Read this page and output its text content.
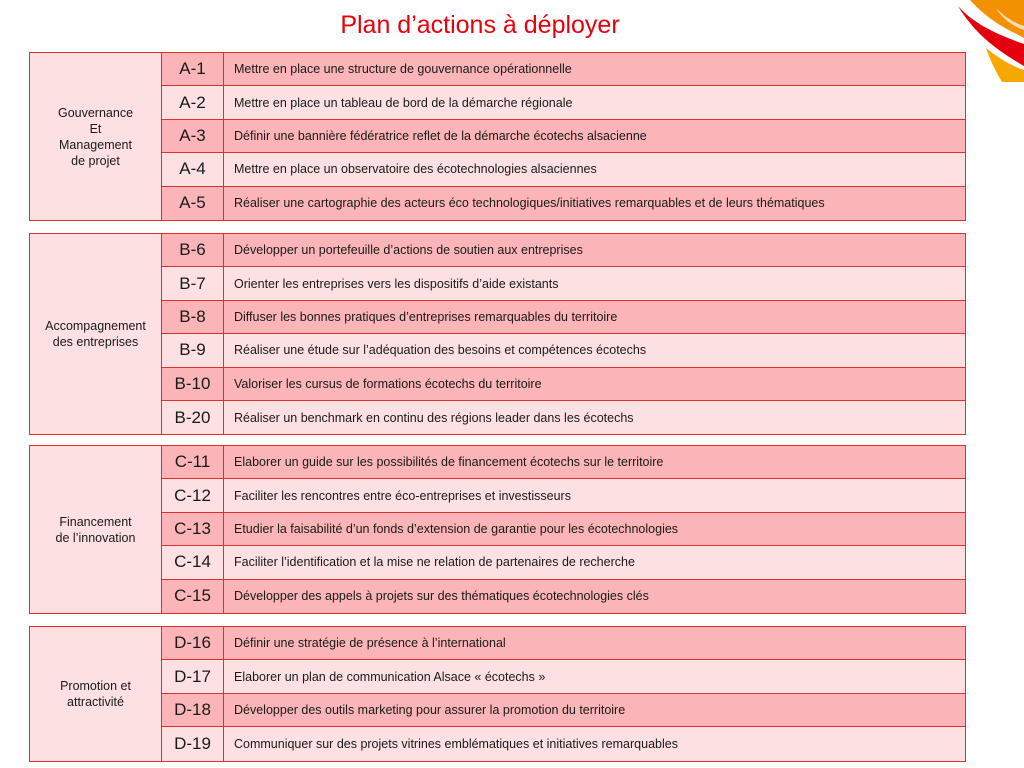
Plan d’actions à déployer
Gouvernance
Et
Management
de projet
A-1	Mettre en place une structure de gouvernance opérationnelle
A-2	Mettre en place un tableau de bord de la démarche régionale
A-3	Définir une bannière fédératrice reflet de la démarche écotechs alsacienne
A-4	Mettre en place un observatoire des écotechnologies alsaciennes
A-5	Réaliser une cartographie des acteurs éco technologiques/initiatives remarquables et de leurs thématiques
Accompagnement
des entreprises
B-6	Développer un portefeuille d’actions de soutien aux entreprises
B-7	Orienter les entreprises vers les dispositifs d’aide existants
B-8	Diffuser les bonnes pratiques d’entreprises remarquables du territoire
B-9	Réaliser une étude sur l’adéquation des besoins et compétences écotechs
B-10	Valoriser les cursus de formations écotechs du territoire
B-20	Réaliser un benchmark en continu des régions leader dans les écotechs
Financement
de l’innovation
C-11	Elaborer un guide sur les possibilités de financement écotechs sur le territoire
C-12	Faciliter les rencontres entre éco-entreprises et investisseurs
C-13	Etudier la faisabilité d’un fonds d’extension de garantie pour les écotechnologies
C-14	Faciliter l’identification et la mise ne relation de partenaires de recherche
C-15	Développer des appels à projets sur des thématiques écotechnologies clés
Promotion et
attractivité
D-16	Définir une stratégie de présence à l’international
D-17	Elaborer un plan de communication Alsace « écotechs »
D-18	Développer des outils marketing pour assurer la promotion du territoire
D-19	Communiquer sur des projets vitrines emblématiques et initiatives remarquables
